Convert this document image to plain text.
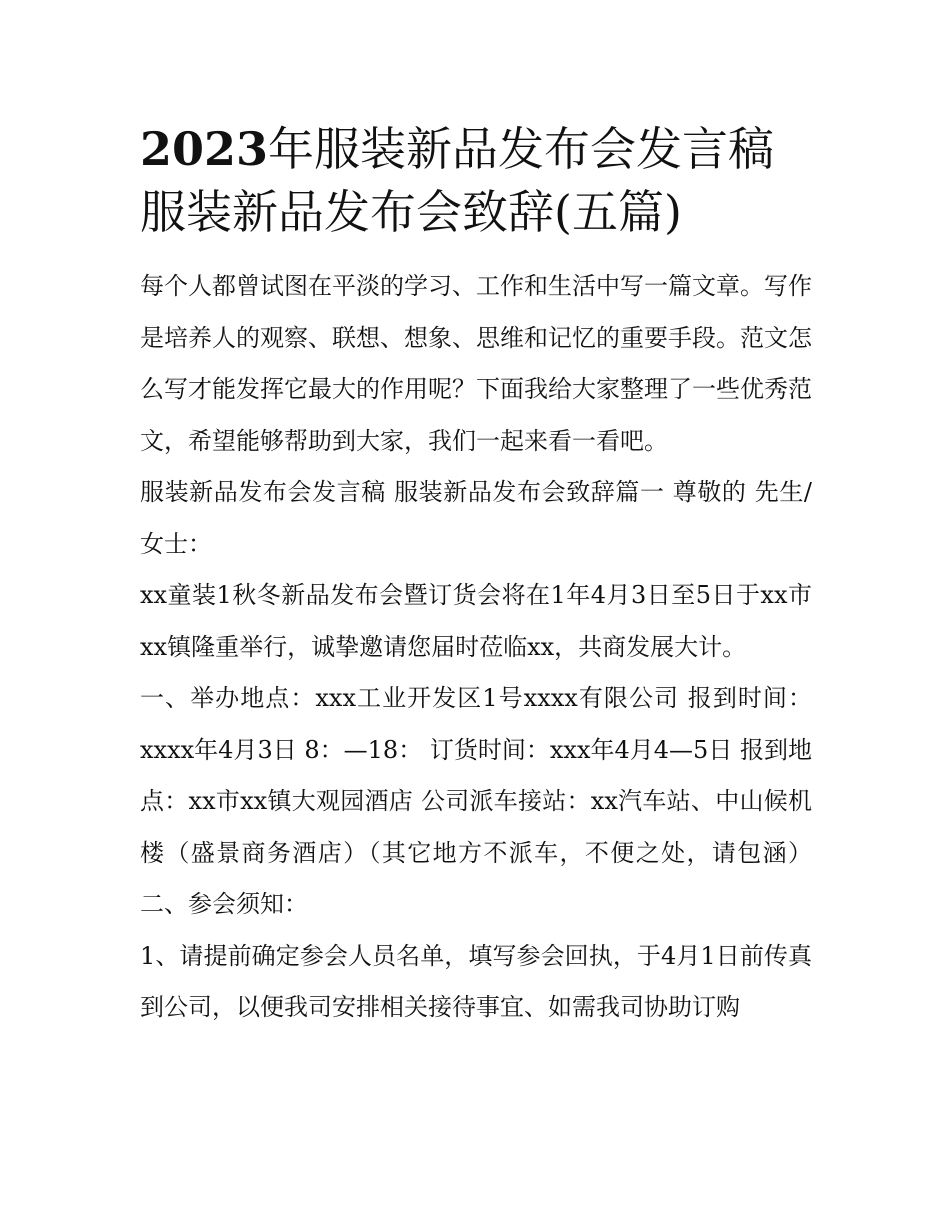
2023年服装新品发布会发言稿
服装新品发布会致辞(五篇)

每个人都曾试图在平淡的学习、工作和生活中写一篇文章。写作是培养人的观察、联想、想象、思维和记忆的重要手段。范文怎么写才能发挥它最大的作用呢？下面我给大家整理了一些优秀范文，希望能够帮助到大家，我们一起来看一看吧。

服装新品发布会发言稿 服装新品发布会致辞篇一 尊敬的 先生/女士：

xx童装1秋冬新品发布会暨订货会将在1年4月3日至5日于xx市xx镇隆重举行，诚挚邀请您届时莅临xx，共商发展大计。

一、举办地点：xxx工业开发区1号xxxx有限公司 报到时间：xxxx年4月3日 8：—18： 订货时间：xxx年4月4—5日 报到地点：xx市xx镇大观园酒店 公司派车接站：xx汽车站、中山候机楼（盛景商务酒店）（其它地方不派车，不便之处，请包涵） 二、参会须知：

1、请提前确定参会人员名单，填写参会回执，于4月1日前传真到公司，以便我司安排相关接待事宜、如需我司协助订购
